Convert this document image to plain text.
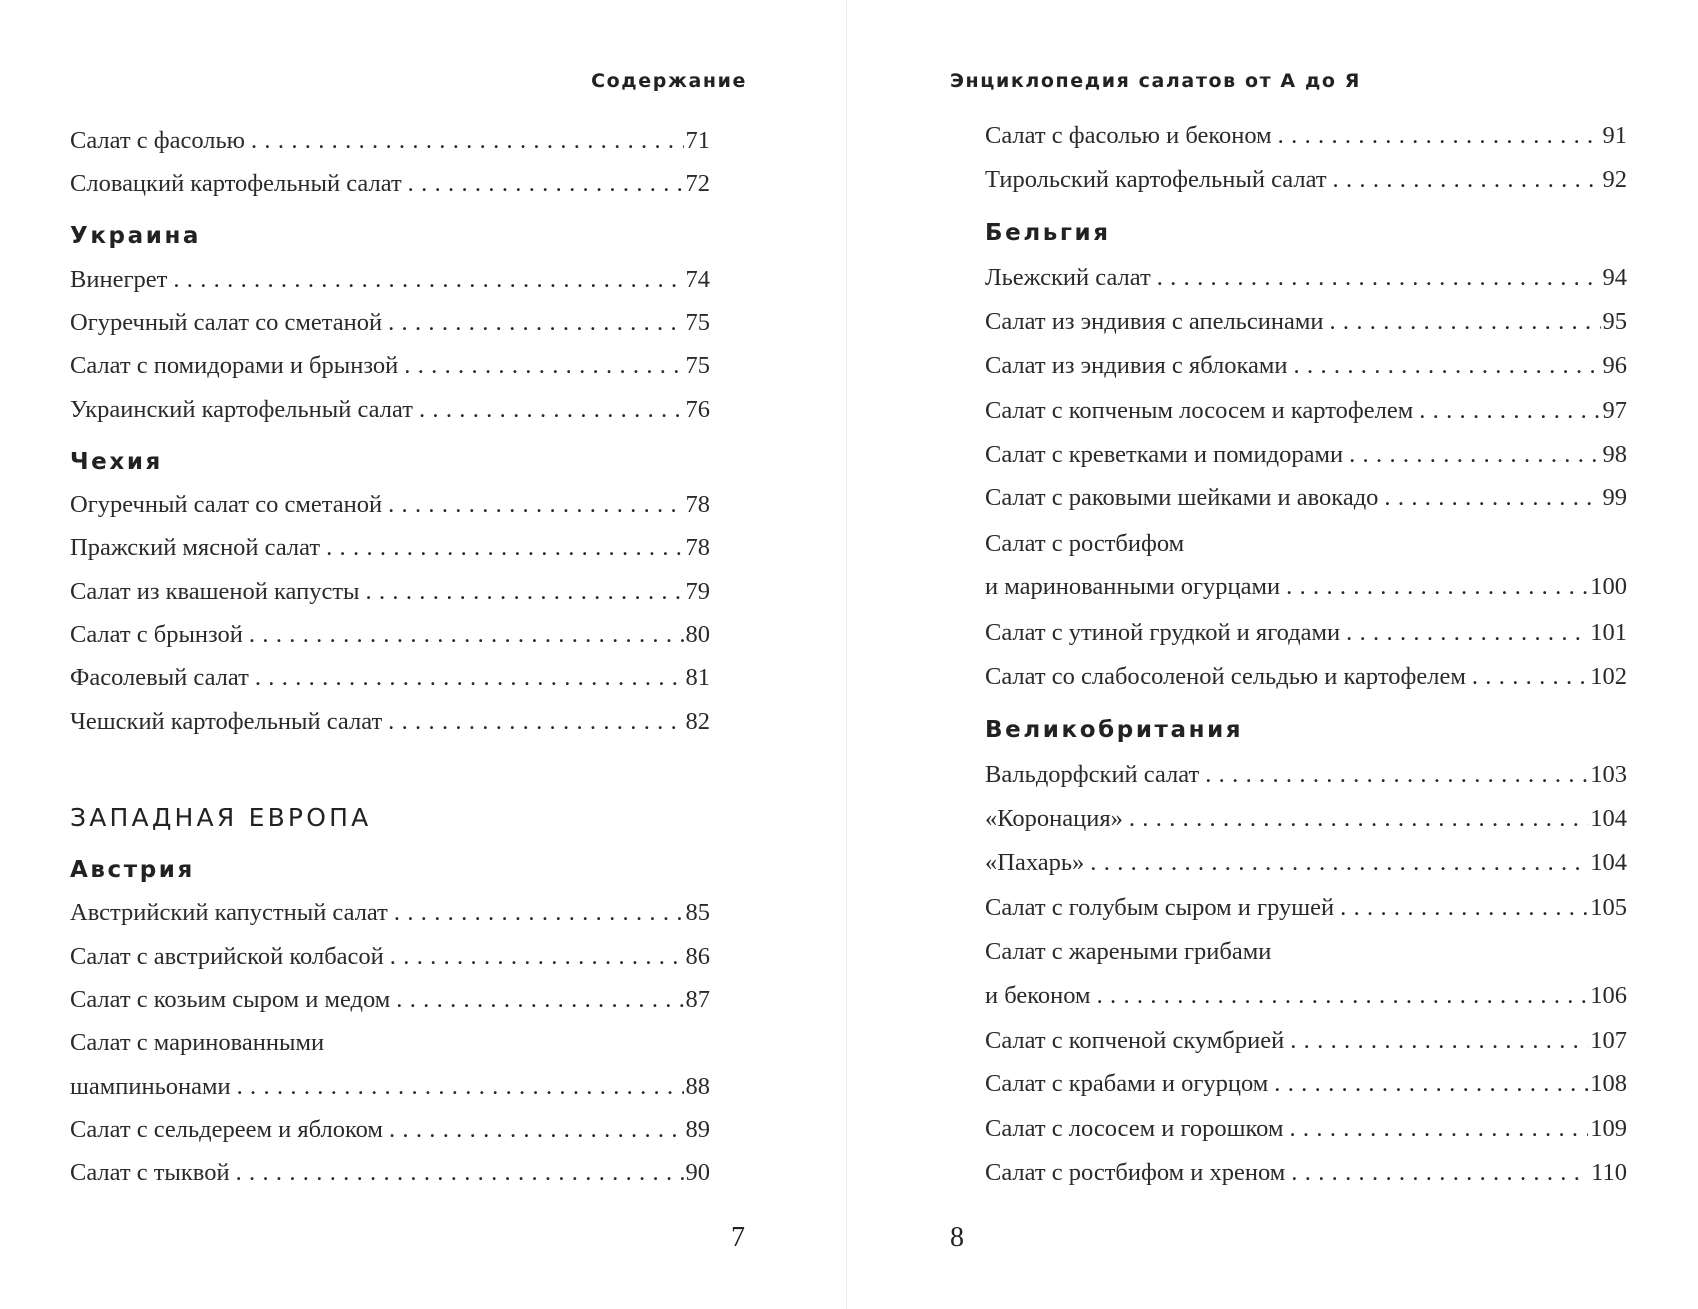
Содержание	Энциклопедия салатов от А до Я
7	8
Салат с фасолью . . .	71
Словацкий картофельный салат . . .	72
Украина
Винегрет . . .	74
Огуречный салат со сметаной . . .	75
Салат с помидорами и брынзой . . .	75
Украинский картофельный салат . . .	76
Чехия
Огуречный салат со сметаной . . .	78
Пражский мясной салат . . .	78
Салат из квашеной капусты . . .	79
Салат с брынзой . . .	80
Фасолевый салат . . .	81
Чешский картофельный салат . . .	82
ЗАПАДНАЯ ЕВРОПА
Австрия
Австрийский капустный салат . . .	85
Салат с австрийской колбасой . . .	86
Салат с козьим сыром и медом . . .	87
Салат с маринованными
шампиньонами . . .	88
Салат с сельдереем и яблоком . . .	89
Салат с тыквой . . .	90
Салат с фасолью и беконом . . .	91
Тирольский картофельный салат . . .	92
Бельгия
Льежский салат . . .	94
Салат из эндивия с апельсинами . . .	95
Салат из эндивия с яблоками . . .	96
Салат с копченым лососем и картофелем . . .	97
Салат с креветками и помидорами . . .	98
Салат с раковыми шейками и авокадо . . .	99
Салат с ростбифом
и маринованными огурцами . . .	100
Салат с утиной грудкой и ягодами . . .	101
Салат со слабосоленой сельдью и картофелем . . .	102
Великобритания
Вальдорфский салат . . .	103
«Коронация» . . .	104
«Пахарь» . . .	104
Салат с голубым сыром и грушей . . .	105
Салат с жареными грибами
и беконом . . .	106
Салат с копченой скумбрией . . .	107
Салат с крабами и огурцом . . .	108
Салат с лососем и горошком . . .	109
Салат с ростбифом и хреном . . .	110
